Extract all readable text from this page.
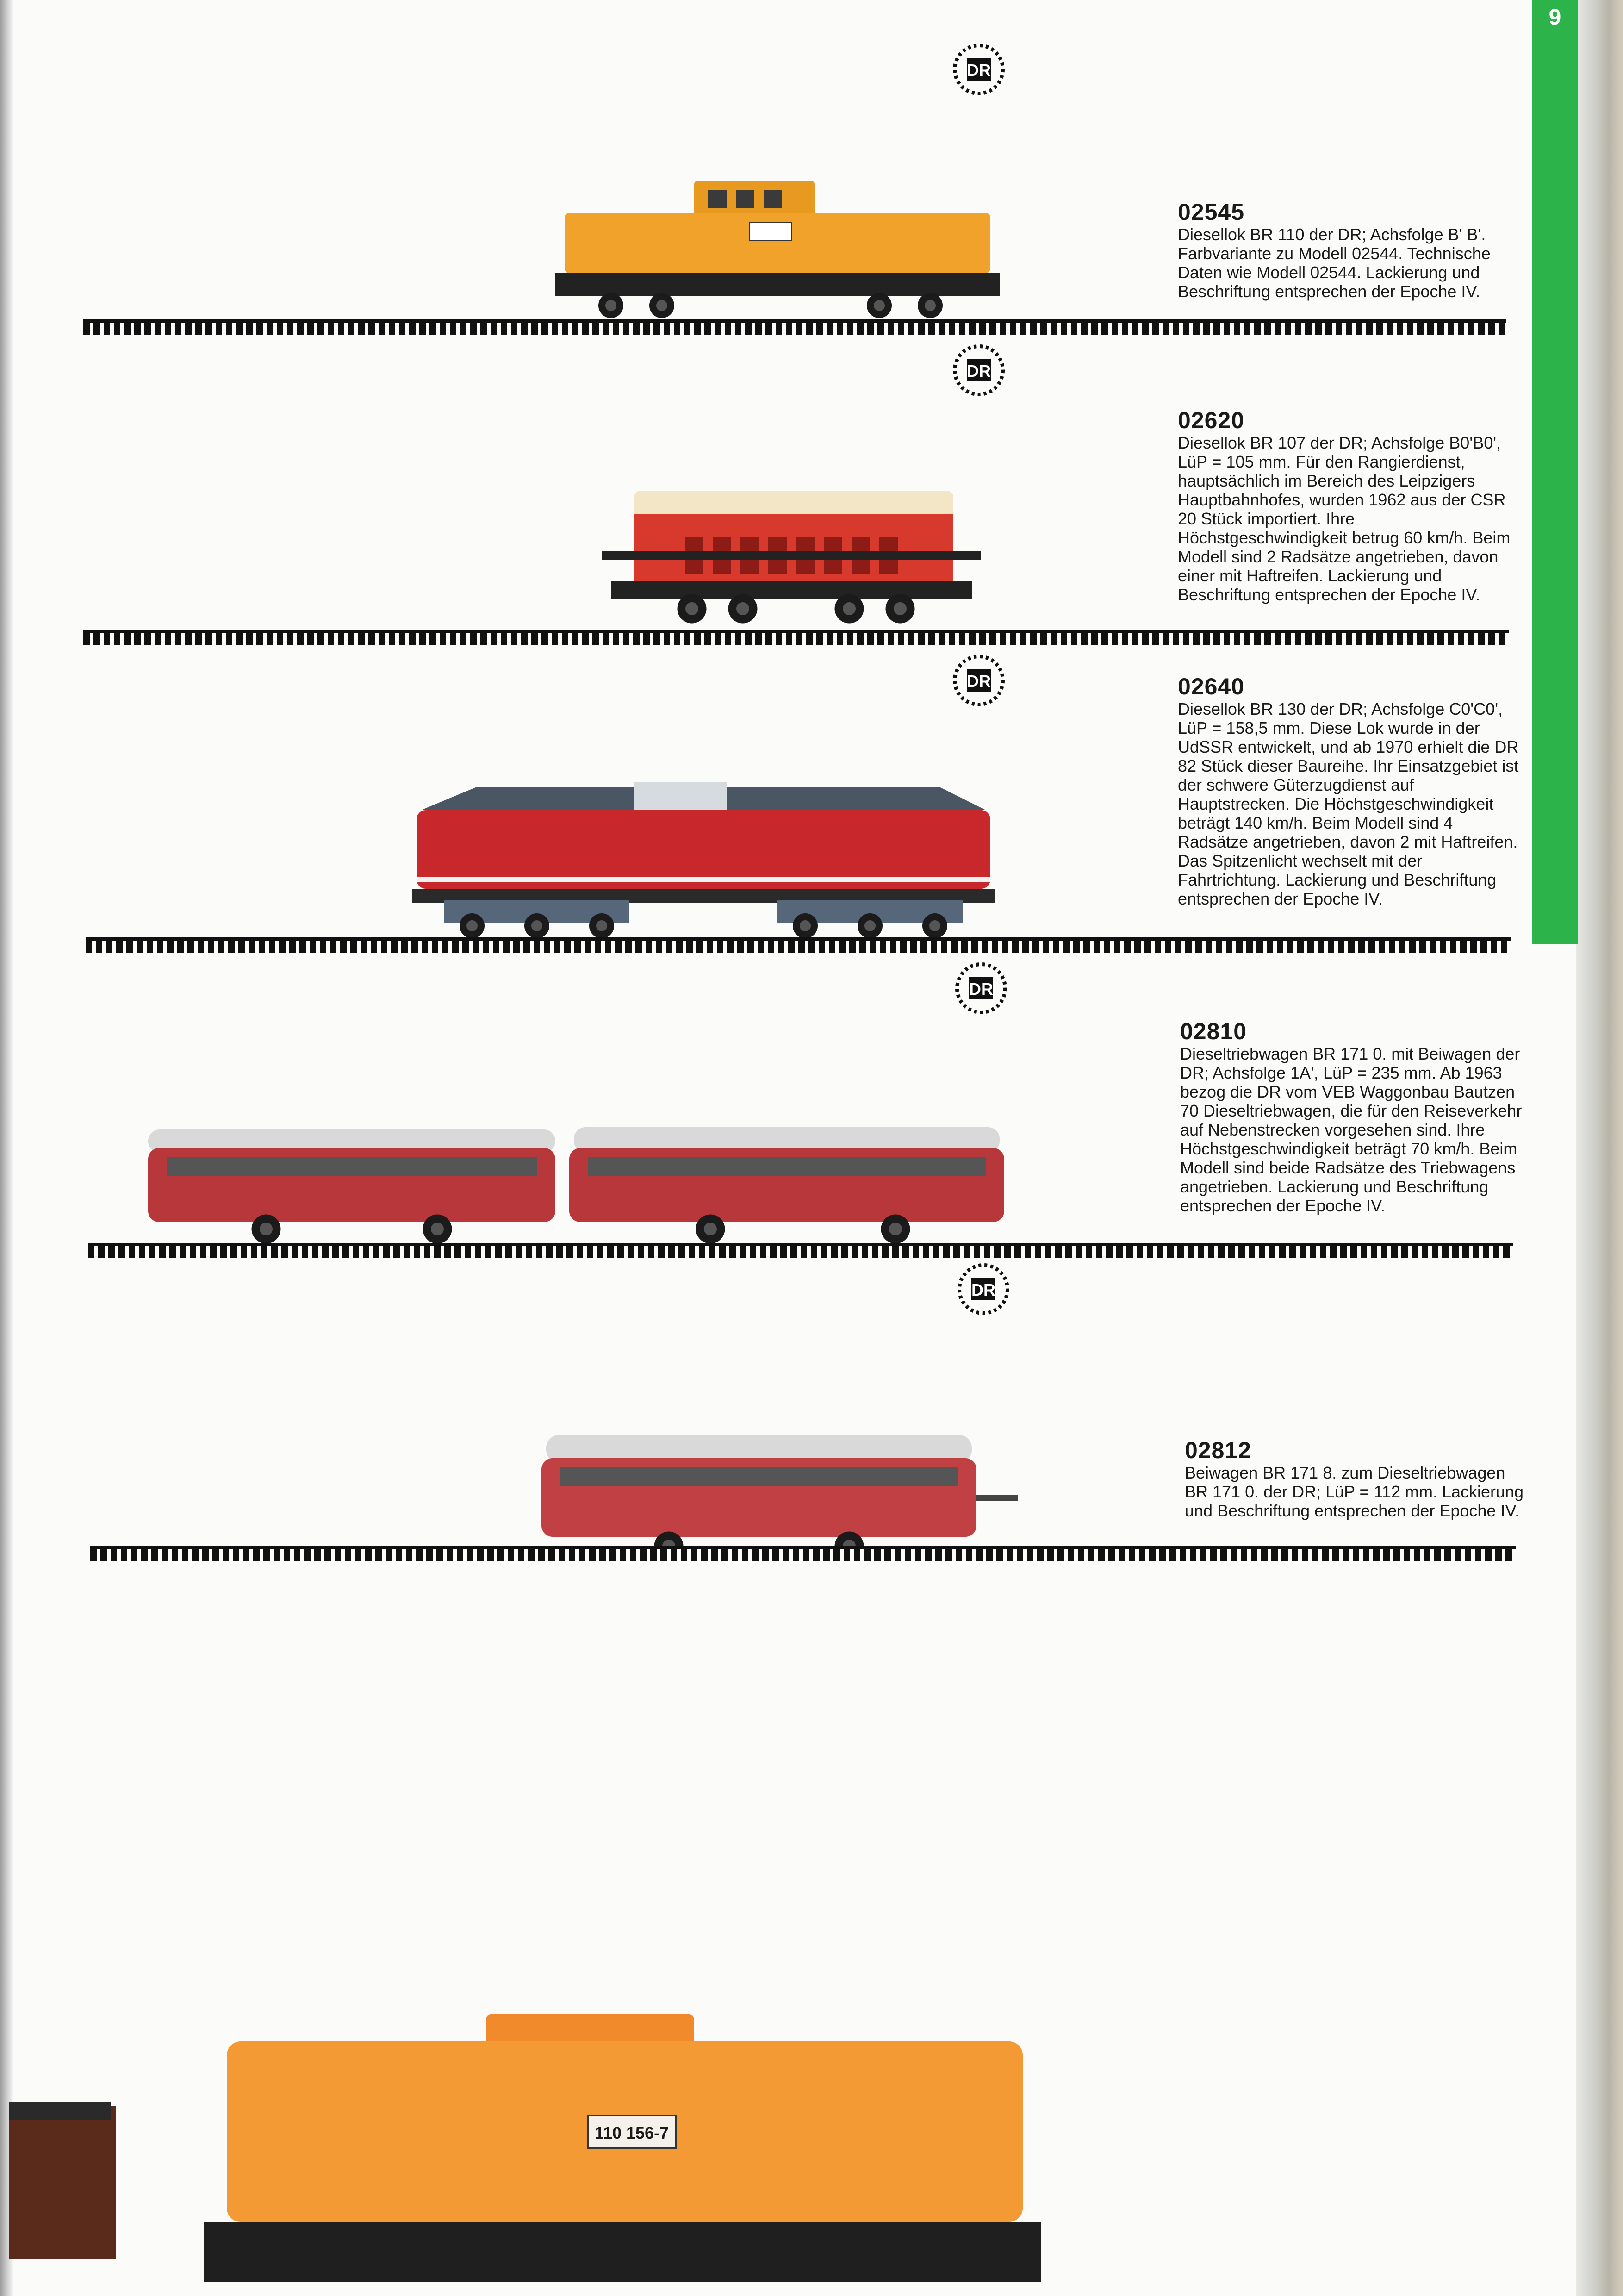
9
DR
02545
Diesellok BR 110 der DR; Achsfolge B' B'. Farbvariante zu Modell 02544. Technische Daten wie Modell 02544. Lackierung und Beschriftung entsprechen der Epoche IV.
DR
02620
Diesellok BR 107 der DR; Achsfolge B0'B0', LüP = 105 mm. Für den Rangierdienst, hauptsächlich im Bereich des Leipzigers Hauptbahnhofes, wurden 1962 aus der CSR 20 Stück importiert. Ihre Höchstgeschwindigkeit betrug 60 km/h. Beim Modell sind 2 Radsätze angetrieben, davon einer mit Haftreifen. Lackierung und Beschriftung entsprechen der Epoche IV.
DR	02640
Diesellok BR 130 der DR; Achsfolge C0'C0', LüP = 158,5 mm. Diese Lok wurde in der UdSSR entwickelt, und ab 1970 erhielt die DR 82 Stück dieser Baureihe. Ihr Einsatzgebiet ist der schwere Güterzugdienst auf Hauptstrecken. Die Höchstgeschwindigkeit beträgt 140 km/h. Beim Modell sind 4 Radsätze angetrieben, davon 2 mit Haftreifen. Das Spitzenlicht wechselt mit der Fahrtrichtung. Lackierung und Beschriftung entsprechen der Epoche IV.
DR
02810
Dieseltriebwagen BR 171 0. mit Beiwagen der DR; Achsfolge 1A', LüP = 235 mm. Ab 1963 bezog die DR vom VEB Waggonbau Bautzen 70 Dieseltriebwagen, die für den Reiseverkehr auf Nebenstrecken vorgesehen sind. Ihre Höchstgeschwindigkeit beträgt 70 km/h. Beim Modell sind beide Radsätze des Triebwagens angetrieben. Lackierung und Beschriftung entsprechen der Epoche IV.
DR
02812
Beiwagen BR 171 8. zum Dieseltriebwagen BR 171 0. der DR; LüP = 112 mm. Lackierung und Beschriftung entsprechen der Epoche IV.
110 156-7
